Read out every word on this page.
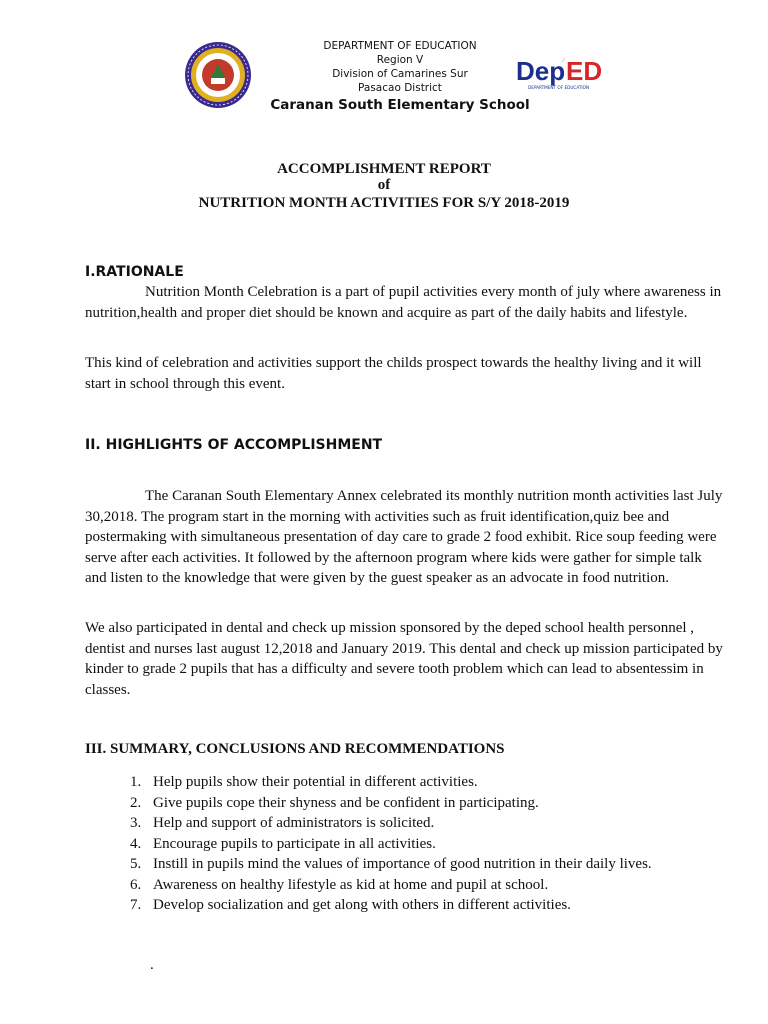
DEPARTMENT OF EDUCATION
Region V
Division of Camarines Sur
Pasacao District
Caranan South Elementary School
Dep ED
DEPARTMENT OF EDUCATION
ACCOMPLISHMENT REPORT
of
NUTRITION MONTH ACTIVITIES FOR S/Y 2018-2019
I.RATIONALE

Nutrition Month Celebration is a part of pupil activities every month of july where awareness in nutrition,health and proper diet should be known and acquire as part of the daily habits and lifestyle.

This kind of celebration and activities support the childs prospect towards the healthy living and it will start in school through this event.

II. HIGHLIGHTS OF ACCOMPLISHMENT

The Caranan South Elementary Annex celebrated its monthly nutrition month activities last July 30,2018. The program start in the morning with activities such as fruit identification,quiz bee and postermaking with simultaneous presentation of day care to grade 2 food exhibit. Rice soup feeding were serve after each activities. It followed by the afternoon program where kids were gather for simple talk and listen to the knowledge that were given by the guest speaker as an advocate in food nutrition.

We also participated in dental and check up mission sponsored by the deped school health personnel , dentist and nurses last august 12,2018 and January 2019. This dental and check up mission participated by kinder to grade 2 pupils that has a difficulty and severe tooth problem which can lead to absentessim in classes.

III. SUMMARY, CONCLUSIONS AND RECOMMENDATIONS
1. Help pupils show their potential in different activities.
2. Give pupils cope their shyness and be confident in participating.
3. Help and support of administrators is solicited.
4. Encourage pupils to participate in all activities.
5. Instill in pupils mind the values of importance of good nutrition in their daily lives.
6. Awareness on healthy lifestyle as kid at home and pupil at school.
7. Develop socialization and get along with others in different activities.
.
